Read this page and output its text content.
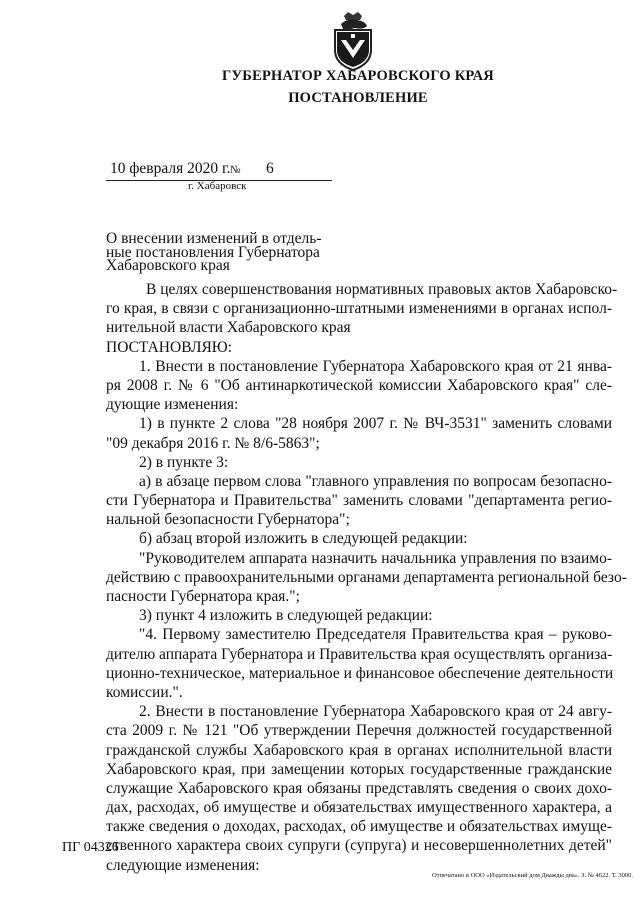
ГУБЕРНАТОР ХАБАРОВСКОГО КРАЯ
ПОСТАНОВЛЕНИЕ
10 февраля 2020 г. № 6
г. Хабаровск
О внесении изменений в отдель-
ные постановления Губернатора
Хабаровского края
В целях совершенствования нормативных правовых актов Хабаровско-
го края, в связи с организационно-штатными изменениями в органах испол-
нительной власти Хабаровского края
ПОСТАНОВЛЯЮ:
1. Внести в постановление Губернатора Хабаровского края от 21 янва-
ря 2008 г. № 6 "Об антинаркотической комиссии Хабаровского края" сле-
дующие изменения:
1) в пункте 2 слова "28 ноября 2007 г. № ВЧ-3531" заменить словами
"09 декабря 2016 г. № 8/6-5863";
2) в пункте 3:
а) в абзаце первом слова "главного управления по вопросам безопасно-
сти Губернатора и Правительства" заменить словами "департамента регио-
нальной безопасности Губернатора";
б) абзац второй изложить в следующей редакции:
"Руководителем аппарата назначить начальника управления по взаимо-
действию с правоохранительными органами департамента региональной безо-
пасности Губернатора края.";
3) пункт 4 изложить в следующей редакции:
"4. Первому заместителю Председателя Правительства края – руково-
дителю аппарата Губернатора и Правительства края осуществлять организа-
ционно-техническое, материальное и финансовое обеспечение деятельности
комиссии.".
2. Внести в постановление Губернатора Хабаровского края от 24 авгу-
ста 2009 г. № 121 "Об утверждении Перечня должностей государственной
гражданской службы Хабаровского края в органах исполнительной власти
Хабаровского края, при замещении которых государственные гражданские
служащие Хабаровского края обязаны представлять сведения о своих дохо-
дах, расходах, об имуществе и обязательствах имущественного характера, а
также сведения о доходах, расходах, об имуществе и обязательствах имуще-
ственного характера своих супруги (супруга) и несовершеннолетних детей"
следующие изменения:
ПГ 04326
Отпечатано в ООО «Издательский дом Дважды два». З. № 4622. Т. 3000.
